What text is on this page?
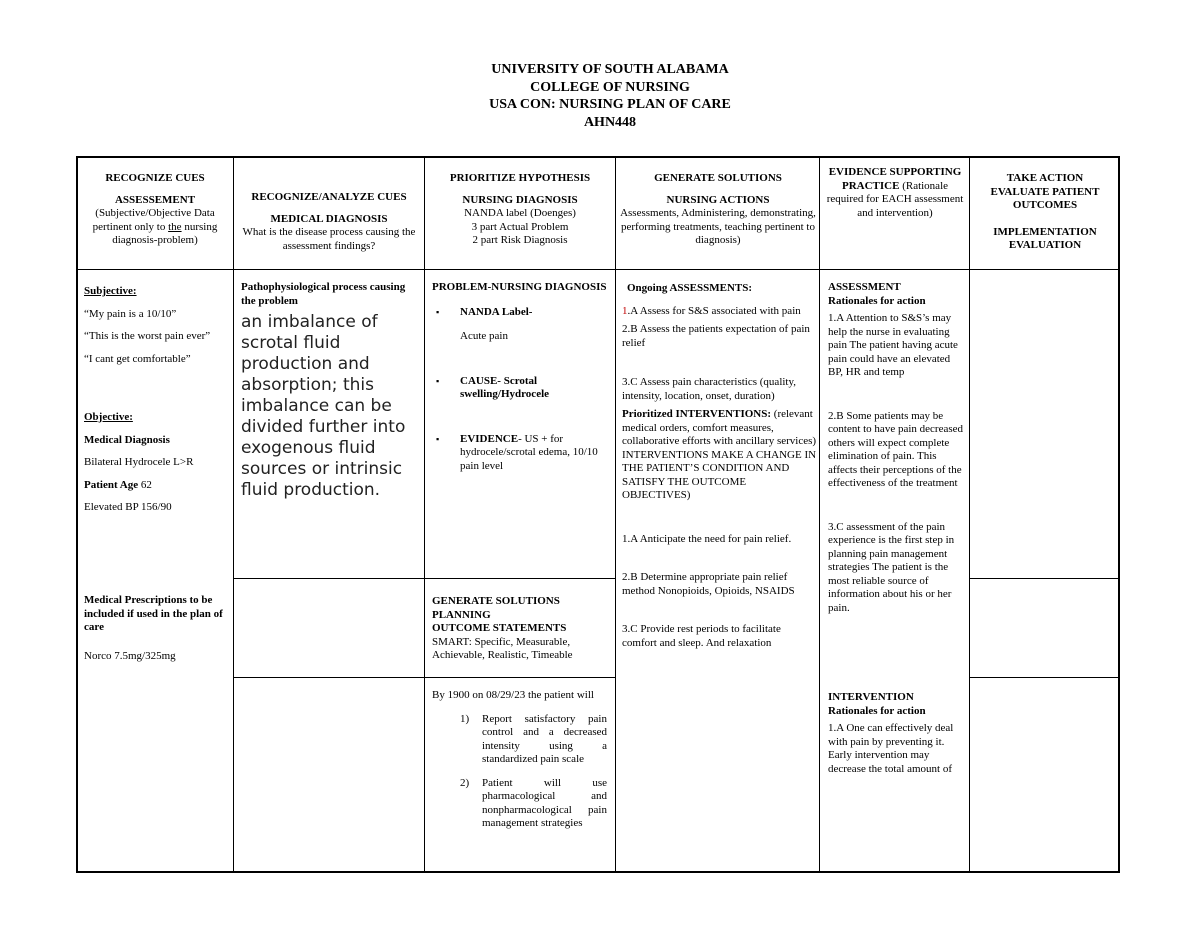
UNIVERSITY OF SOUTH ALABAMA
COLLEGE OF NURSING
USA CON: NURSING PLAN OF CARE
AHN448

RECOGNIZE CUES

ASSESSEMENT

(Subjective/Objective Data pertinent only to the nursing diagnosis-problem)

RECOGNIZE/ANALYZE CUES

MEDICAL DIAGNOSIS

What is the disease process causing the assessment findings?

PRIORITIZE HYPOTHESIS

NURSING DIAGNOSIS

NANDA label (Doenges)

3 part Actual Problem

2 part Risk Diagnosis

GENERATE SOLUTIONS

NURSING ACTIONS

Assessments, Administering, demonstrating, performing treatments, teaching pertinent to diagnosis)

EVIDENCE SUPPORTING PRACTICE (Rationale required for EACH assessment and intervention)

TAKE ACTION

EVALUATE PATIENT OUTCOMES

IMPLEMENTATION

EVALUATION

Subjective:

“My pain is a 10/10”

“This is the worst pain ever”

“I cant get comfortable”

Objective:

Medical Diagnosis

Bilateral Hydrocele L>R

Patient Age 62

Elevated BP 156/90

Medical Prescriptions to be included if used in the plan of care

Norco 7.5mg/325mg

Pathophysiological process causing the problem

an imbalance of scrotal fluid production and absorption; this imbalance can be divided further into exogenous fluid sources or intrinsic fluid production.

PROBLEM-NURSING DIAGNOSIS

▪ NANDA Label-

Acute pain

▪ CAUSE- Scrotal swelling/Hydrocele

▪ EVIDENCE- US + for hydrocele/scrotal edema, 10/10 pain level

GENERATE SOLUTIONS

PLANNING

OUTCOME STATEMENTS

SMART: Specific, Measurable, Achievable, Realistic, Timeable

By 1900 on 08/29/23 the patient will

1) Report satisfactory pain control and a decreased intensity using a standardized pain scale

2) Patient will use pharmacological and nonpharmacological pain management strategies

Ongoing ASSESSMENTS:

1.A Assess for S&S associated with pain

2.B Assess the patients expectation of pain relief

3.C Assess pain characteristics (quality, intensity, location, onset, duration)

Prioritized INTERVENTIONS: (relevant medical orders, comfort measures, collaborative efforts with ancillary services) INTERVENTIONS MAKE A CHANGE IN THE PATIENT’S CONDITION AND SATISFY THE OUTCOME OBJECTIVES)

1.A Anticipate the need for pain relief.

2.B Determine appropriate pain relief method Nonopioids, Opioids, NSAIDS

3.C Provide rest periods to facilitate comfort and sleep. And relaxation

ASSESSMENT

Rationales for action

1.A Attention to S&S’s may help the nurse in evaluating pain The patient having acute pain could have an elevated BP, HR and temp

2.B Some patients may be content to have pain decreased others will expect complete elimination of pain. This affects their perceptions of the effectiveness of the treatment

3.C assessment of the pain experience is the first step in planning pain management strategies The patient is the most reliable source of information about his or her pain.

INTERVENTION

Rationales for action

1.A One can effectively deal with pain by preventing it. Early intervention may decrease the total amount of
